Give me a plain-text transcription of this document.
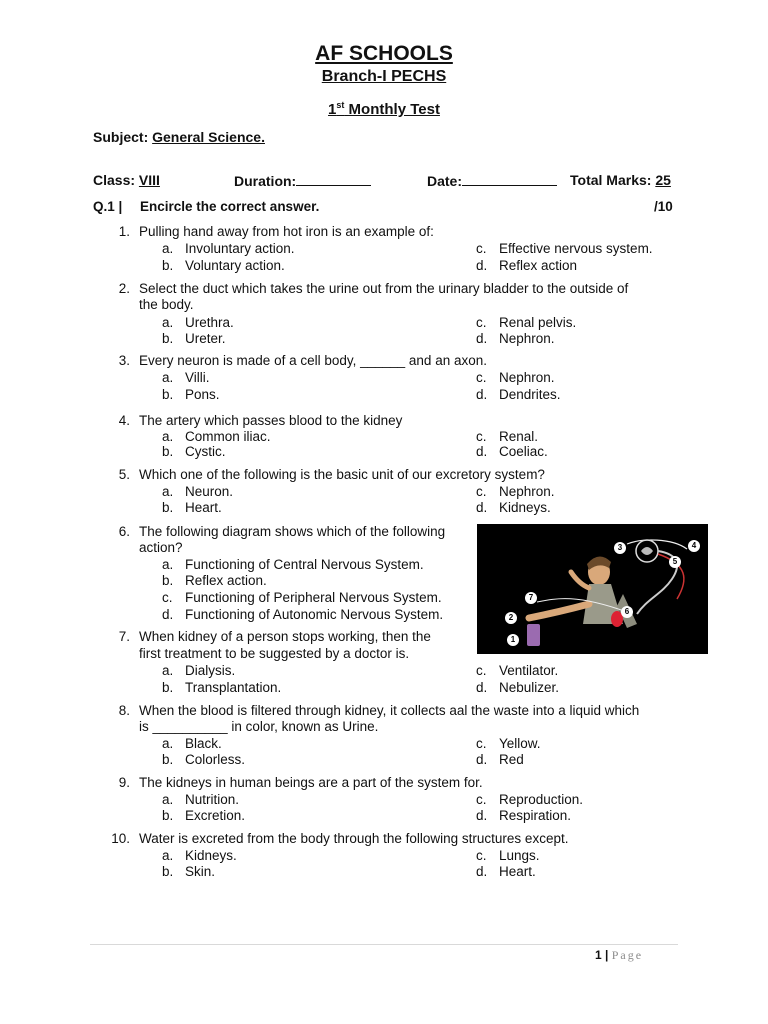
AF SCHOOLS
Branch-I PECHS
1st Monthly Test
Subject: General Science.
Class: VIII	Duration:	Date:	Total Marks: 25
Q.1 | Encircle the correct answer.	/10
1. Pulling hand away from hot iron is an example of:
a. Involuntary action.
b. Voluntary action.
c. Effective nervous system.
d. Reflex action
2. Select the duct which takes the urine out from the urinary bladder to the outside of
the body.
a. Urethra.
b. Ureter.
c. Renal pelvis.
d. Nephron.
3. Every neuron is made of a cell body, ______ and an axon.
a. Villi.
b. Pons.
c. Nephron.
d. Dendrites.
4. The artery which passes blood to the kidney
a. Common iliac.
b. Cystic.
c. Renal.
d. Coeliac.
5. Which one of the following is the basic unit of our excretory system?
a. Neuron.
b. Heart.
c. Nephron.
d. Kidneys.
6. The following diagram shows which of the following
action?
a. Functioning of Central Nervous System.
b. Reflex action.
c. Functioning of Peripheral Nervous System.
d. Functioning of Autonomic Nervous System.
7. When kidney of a person stops working, then the
first treatment to be suggested by a doctor is.
a. Dialysis.
b. Transplantation.
c. Ventilator.
d. Nebulizer.
8. When the blood is filtered through kidney, it collects aal the waste into a liquid which
is __________ in color, known as Urine.
a. Black.
b. Colorless.
c. Yellow.
d. Red
9. The kidneys in human beings are a part of the system for.
a. Nutrition.
b. Excretion.
c. Reproduction.
d. Respiration.
10. Water is excreted from the body through the following structures except.
a. Kidneys.
b. Skin.
c. Lungs.
d. Heart.
1
2
3	4
5
6
7
1 | Page
